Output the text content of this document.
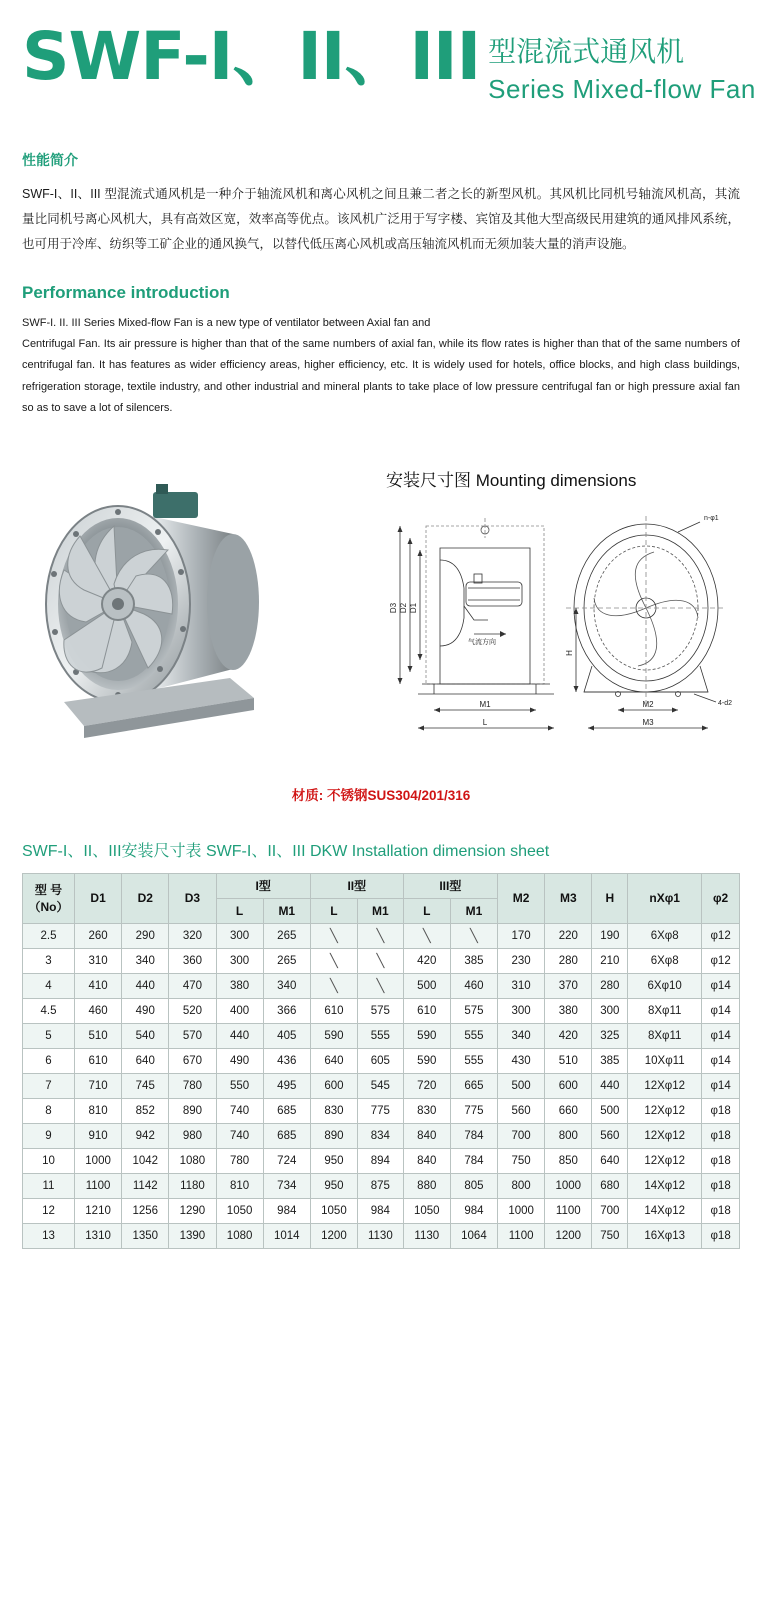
SWF-I、II、III 型混流式通风机
Series Mixed-flow Fan
性能简介

SWF-I、II、III 型混流式通风机是一种介于轴流风机和离心风机之间且兼二者之长的新型风机。其风机比同机号轴流风机高，其流量比同机号离心风机大，具有高效区宽，效率高等优点。该风机广泛用于写字楼、宾馆及其他大型高级民用建筑的通风排风系统，也可用于冷库、纺织等工矿企业的通风换气，以替代低压离心风机或高压轴流风机而无须加装大量的消声设施。

Performance introduction

SWF-I. II. III Series Mixed-flow Fan is a new type of ventilator between Axial fan and

Centrifugal Fan. Its air pressure is higher than that of the same numbers of axial fan, while its flow rates is higher than that of the same numbers of centrifugal fan. It has features as wider efficiency areas, higher efficiency, etc. It is widely used for hotels, office blocks, and high class buildings, refrigeration storage, textile industry, and other industrial and mineral plants to take place of low pressure centrifugal fan or high pressure axial fan so as to save a lot of silencers.

安装尺寸图 Mounting dimensions
D3 D2 D1
M1
L
气流方向
H
M2
M3
n-φ1
4-d2
材质: 不锈钢SUS304/201/316
SWF-I、II、III安装尺寸表 SWF-I、II、III DKW Installation dimension sheet
型 号
（No）	D1	D2	D3	I型		II型		III型		M2	M3	H	nXφ1	φ2
				L	M1	L	M1	L	M1					
2.5	260	290	320	300	265	╲	╲	╲	╲	170	220	190	6Xφ8	φ12
3	310	340	360	300	265	╲	╲	420	385	230	280	210	6Xφ8	φ12
4	410	440	470	380	340	╲	╲	500	460	310	370	280	6Xφ10	φ14
4.5	460	490	520	400	366	610	575	610	575	300	380	300	8Xφ11	φ14
5	510	540	570	440	405	590	555	590	555	340	420	325	8Xφ11	φ14
6	610	640	670	490	436	640	605	590	555	430	510	385	10Xφ11	φ14
7	710	745	780	550	495	600	545	720	665	500	600	440	12Xφ12	φ14
8	810	852	890	740	685	830	775	830	775	560	660	500	12Xφ12	φ18
9	910	942	980	740	685	890	834	840	784	700	800	560	12Xφ12	φ18
10	1000	1042	1080	780	724	950	894	840	784	750	850	640	12Xφ12	φ18
11	1100	1142	1180	810	734	950	875	880	805	800	1000	680	14Xφ12	φ18
12	1210	1256	1290	1050	984	1050	984	1050	984	1000	1100	700	14Xφ12	φ18
13	1310	1350	1390	1080	1014	1200	1130	1130	1064	1100	1200	750	16Xφ13	φ18
